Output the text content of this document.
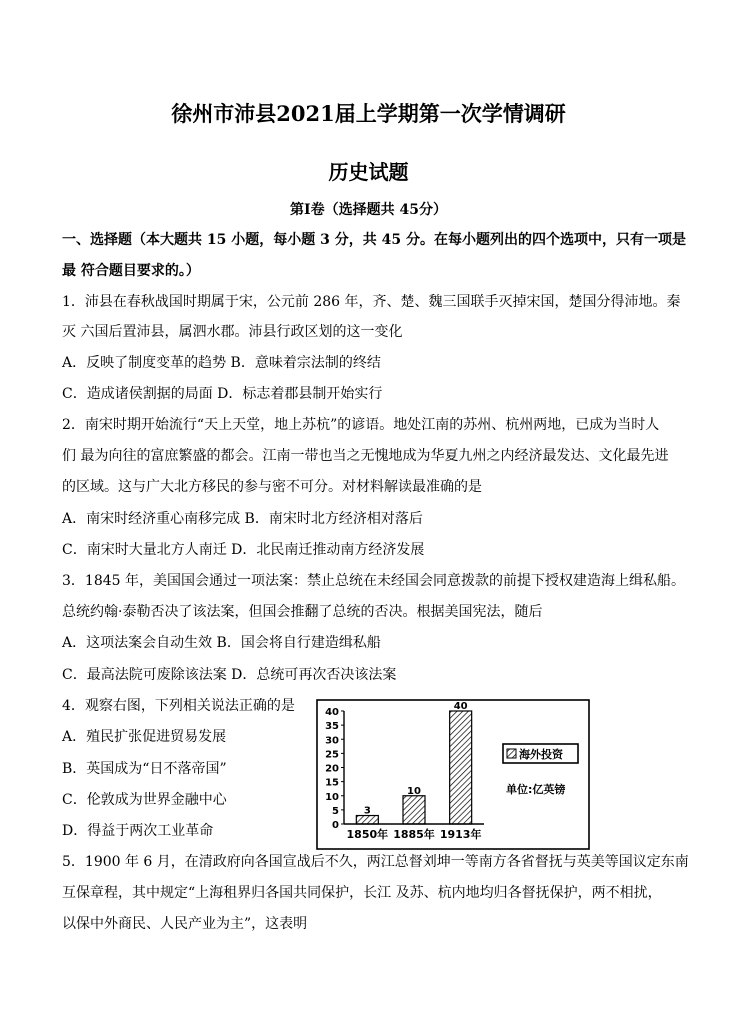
徐州市沛县2021届上学期第一次学情调研
历史试题
第Ⅰ卷（选择题共 45分）
一、选择题（本大题共 15 小题，每小题 3 分，共 45 分。在每小题列出的四个选项中，只有一项是
最 符合题目要求的。）
1．沛县在春秋战国时期属于宋，公元前 286 年，齐、楚、魏三国联手灭掉宋国，楚国分得沛地。秦
灭 六国后置沛县，属泗水郡。沛县行政区划的这一变化
A．反映了制度变革的趋势 B．意味着宗法制的终结
C．造成诸侯割据的局面 D．标志着郡县制开始实行
2．南宋时期开始流行“天上天堂，地上苏杭”的谚语。地处江南的苏州、杭州两地，已成为当时人
们 最为向往的富庶繁盛的都会。江南一带也当之无愧地成为华夏九州之内经济最发达、文化最先进
的区域。这与广大北方移民的参与密不可分。对材料解读最准确的是
A．南宋时经济重心南移完成 B．南宋时北方经济相对落后
C．南宋时大量北方人南迁 D．北民南迁推动南方经济发展
3．1845 年，美国国会通过一项法案：禁止总统在未经国会同意拨款的前提下授权建造海上缉私船。
总统约翰·泰勒否决了该法案，但国会推翻了总统的否决。根据美国宪法，随后
A．这项法案会自动生效 B．国会将自行建造缉私船
C．最高法院可废除该法案 D．总统可再次否决该法案
4．观察右图，下列相关说法正确的是
A．殖民扩张促进贸易发展
B．英国成为“日不落帝国”
C．伦敦成为世界金融中心
D．得益于两次工业革命
5．1900 年 6 月，在清政府向各国宣战后不久，两江总督刘坤一等南方各省督抚与英美等国议定东南
互保章程，其中规定“上海租界归各国共同保护，长江 及苏、杭内地均归各督抚保护，两不相扰，
以保中外商民、人民产业为主”，这表明
0
5
10
15
20
25
30
35
40
3
10
40
1850年 1885年 1913年
海外投资
单位:亿英镑
